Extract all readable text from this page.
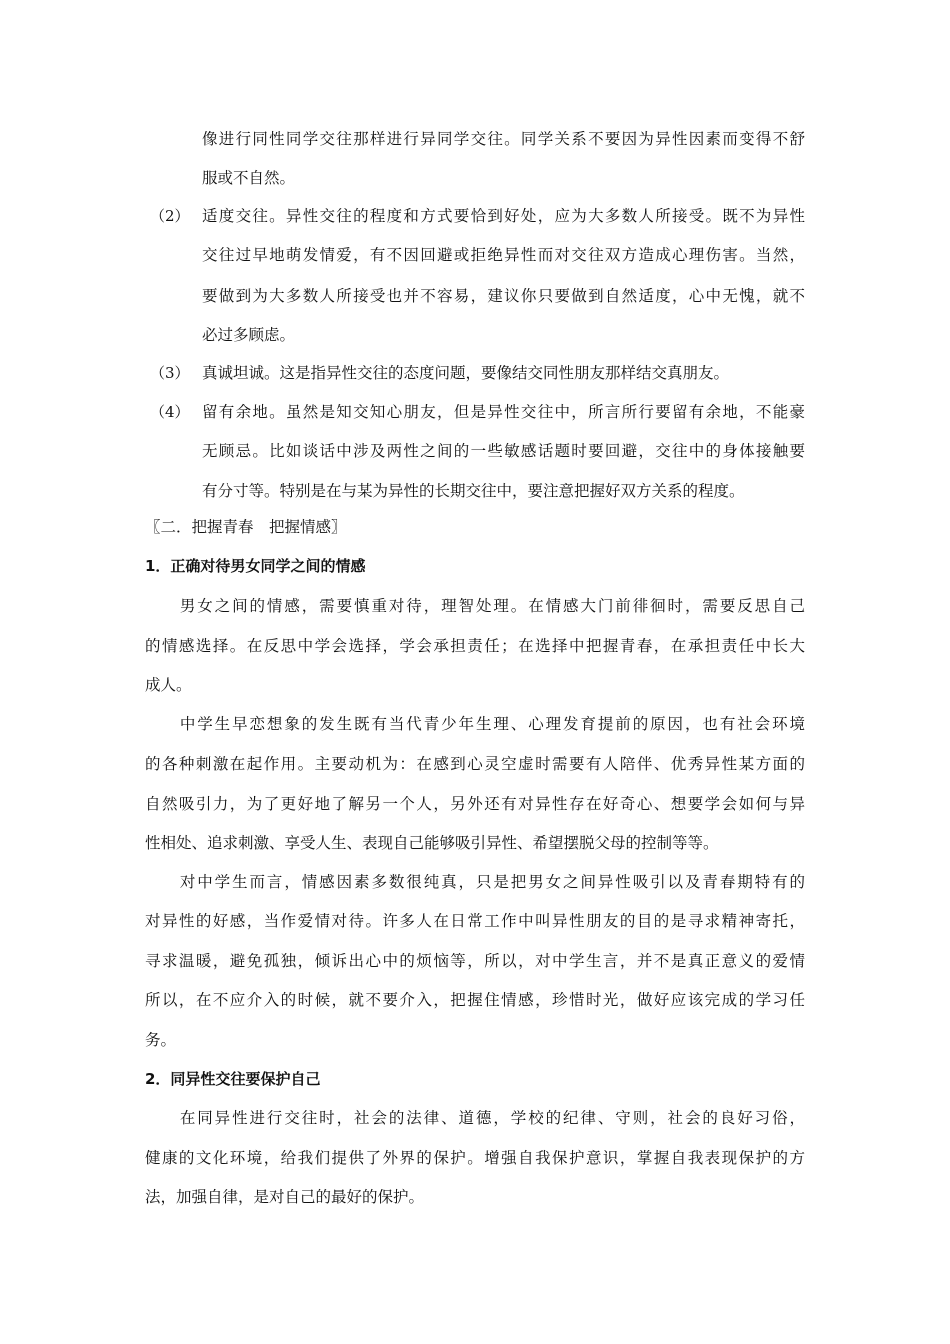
像进行同性同学交往那样进行异同学交往。同学关系不要因为异性因素而变得不舒
服或不自然。
（2） 适度交往。异性交往的程度和方式要恰到好处，应为大多数人所接受。既不为异性
交往过早地萌发情爱，有不因回避或拒绝异性而对交往双方造成心理伤害。当然，
要做到为大多数人所接受也并不容易，建议你只要做到自然适度，心中无愧，就不
必过多顾虑。
（3） 真诚坦诚。这是指异性交往的态度问题，要像结交同性朋友那样结交真朋友。
（4） 留有余地。虽然是知交知心朋友，但是异性交往中，所言所行要留有余地，不能豪
无顾忌。比如谈话中涉及两性之间的一些敏感话题时要回避，交往中的身体接触要
有分寸等。特别是在与某为异性的长期交往中，要注意把握好双方关系的程度。
〖二．把握青春　把握情感〗
1．正确对待男女同学之间的情感
　　男女之间的情感，需要慎重对待，理智处理。在情感大门前徘徊时，需要反思自己
的情感选择。在反思中学会选择，学会承担责任；在选择中把握青春，在承担责任中长大
成人。
　　中学生早恋想象的发生既有当代青少年生理、心理发育提前的原因，也有社会环境
的各种刺激在起作用。主要动机为：在感到心灵空虚时需要有人陪伴、优秀异性某方面的
自然吸引力，为了更好地了解另一个人，另外还有对异性存在好奇心、想要学会如何与异
性相处、追求刺激、享受人生、表现自己能够吸引异性、希望摆脱父母的控制等等。
　　对中学生而言，情感因素多数很纯真，只是把男女之间异性吸引以及青春期特有的
对异性的好感，当作爱情对待。许多人在日常工作中叫异性朋友的目的是寻求精神寄托，
寻求温暖，避免孤独，倾诉出心中的烦恼等，所以，对中学生言，并不是真正意义的爱情
所以，在不应介入的时候，就不要介入，把握住情感，珍惜时光，做好应该完成的学习任
务。
2．同异性交往要保护自己
　　在同异性进行交往时，社会的法律、道德，学校的纪律、守则，社会的良好习俗，
健康的文化环境，给我们提供了外界的保护。增强自我保护意识，掌握自我表现保护的方
法，加强自律，是对自己的最好的保护。
